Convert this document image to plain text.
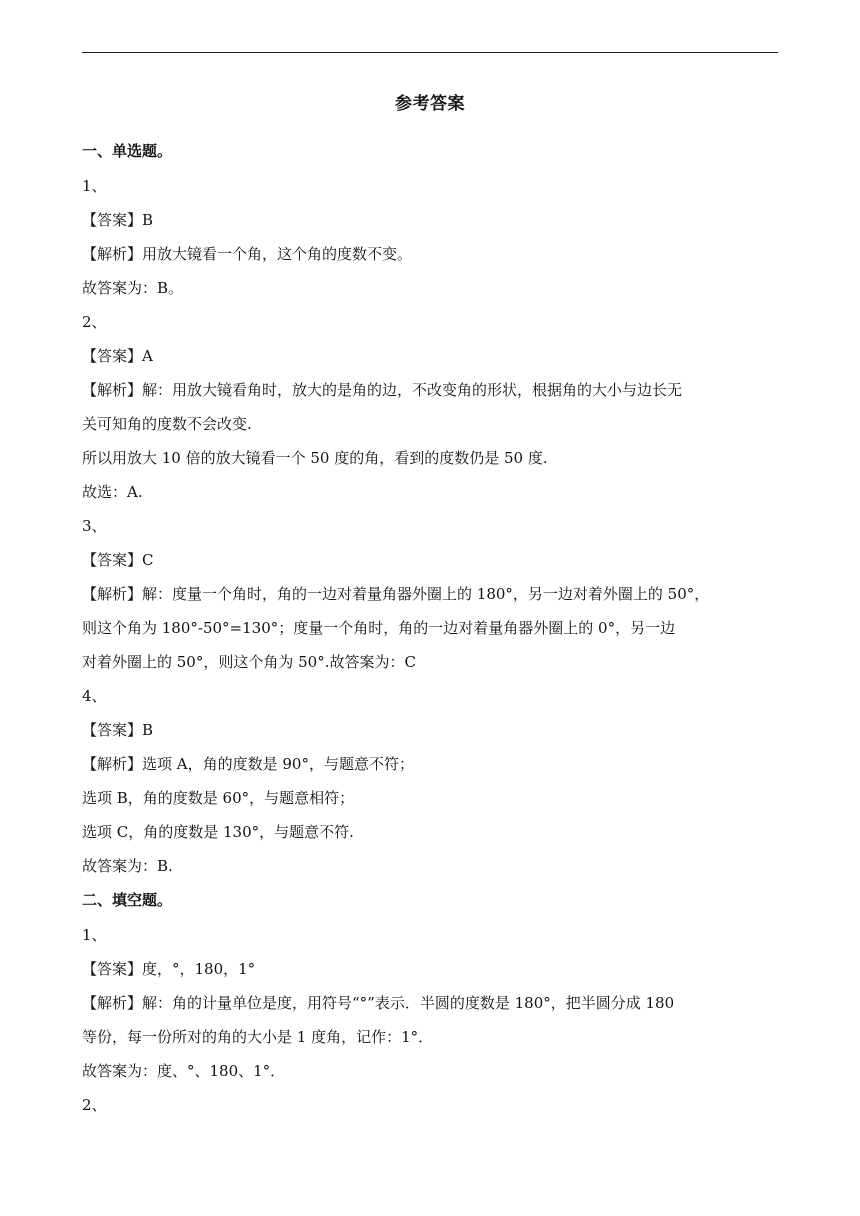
参考答案
一、单选题。
1、
【答案】B
【解析】用放大镜看一个角，这个角的度数不变。
故答案为：B。
2、
【答案】A
【解析】解：用放大镜看角时，放大的是角的边，不改变角的形状，根据角的大小与边长无
关可知角的度数不会改变.
所以用放大 10 倍的放大镜看一个 50 度的角，看到的度数仍是 50 度.
故选：A.
3、
【答案】C
【解析】解：度量一个角时，角的一边对着量角器外圈上的 180°，另一边对着外圈上的 50°，
则这个角为 180°-50°=130°；度量一个角时，角的一边对着量角器外圈上的 0°，另一边
对着外圈上的 50°，则这个角为 50°.故答案为：C
4、
【答案】B
【解析】选项 A，角的度数是 90°，与题意不符；
选项 B，角的度数是 60°，与题意相符；
选项 C，角的度数是 130°，与题意不符.
故答案为：B.
二、填空题。
1、
【答案】度，°，180，1°
【解析】解：角的计量单位是度，用符号“°”表示．半圆的度数是 180°，把半圆分成 180
等份，每一份所对的角的大小是 1 度角，记作：1°．
故答案为：度、°、180、1°．
2、
